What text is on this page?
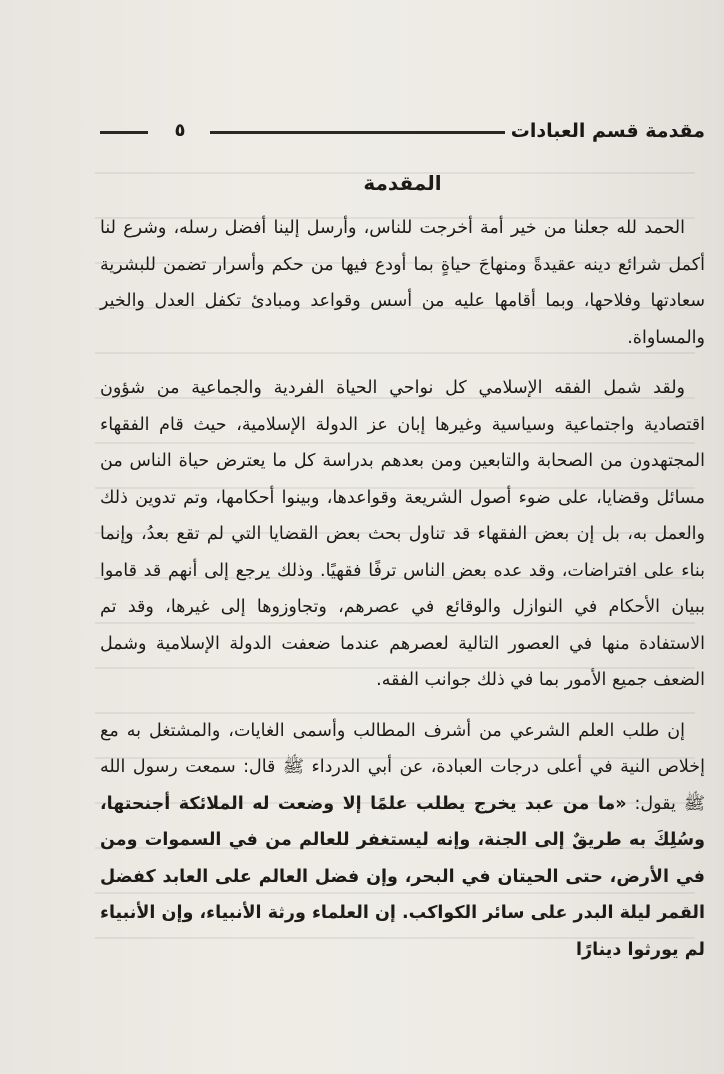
مقدمة قسم العبادات
٥
المقدمة

الحمد لله جعلنا من خير أمة أخرجت للناس، وأرسل إلينا أفضل رسله، وشرع لنا أكمل شرائع دينه عقيدةً ومنهاجَ حياةٍ بما أودع فيها من حكم وأسرار تضمن للبشرية سعادتها وفلاحها، وبما أقامها عليه من أسس وقواعد ومبادئ تكفل العدل والخير والمساواة.

ولقد شمل الفقه الإسلامي كل نواحي الحياة الفردية والجماعية من شؤون اقتصادية واجتماعية وسياسية وغيرها إبان عز الدولة الإسلامية، حيث قام الفقهاء المجتهدون من الصحابة والتابعين ومن بعدهم بدراسة كل ما يعترض حياة الناس من مسائل وقضايا، على ضوء أصول الشريعة وقواعدها، وبينوا أحكامها، وتم تدوين ذلك والعمل به، بل إن بعض الفقهاء قد تناول بحث بعض القضايا التي لم تقع بعدُ، وإنما بناء على افتراضات، وقد عده بعض الناس ترفًا فقهيًا. وذلك يرجع إلى أنهم قد قاموا ببيان الأحكام في النوازل والوقائع في عصرهم، وتجاوزوها إلى غيرها، وقد تم الاستفادة منها في العصور التالية لعصرهم عندما ضعفت الدولة الإسلامية وشمل الضعف جميع الأمور بما في ذلك جوانب الفقه.

إن طلب العلم الشرعي من أشرف المطالب وأسمى الغايات، والمشتغل به مع إخلاص النية في أعلى درجات العبادة، عن أبي الدرداء ﷺ قال: سمعت رسول الله ﷺ يقول: «ما من عبد يخرج يطلب علمًا إلا وضعت له الملائكة أجنحتها، وسُلِكَ به طريقٌ إلى الجنة، وإنه ليستغفر للعالم من في السموات ومن في الأرض، حتى الحيتان في البحر، وإن فضل العالم على العابد كفضل القمر ليلة البدر على سائر الكواكب. إن العلماء ورثة الأنبياء، وإن الأنبياء لم يورثوا دينارًا
